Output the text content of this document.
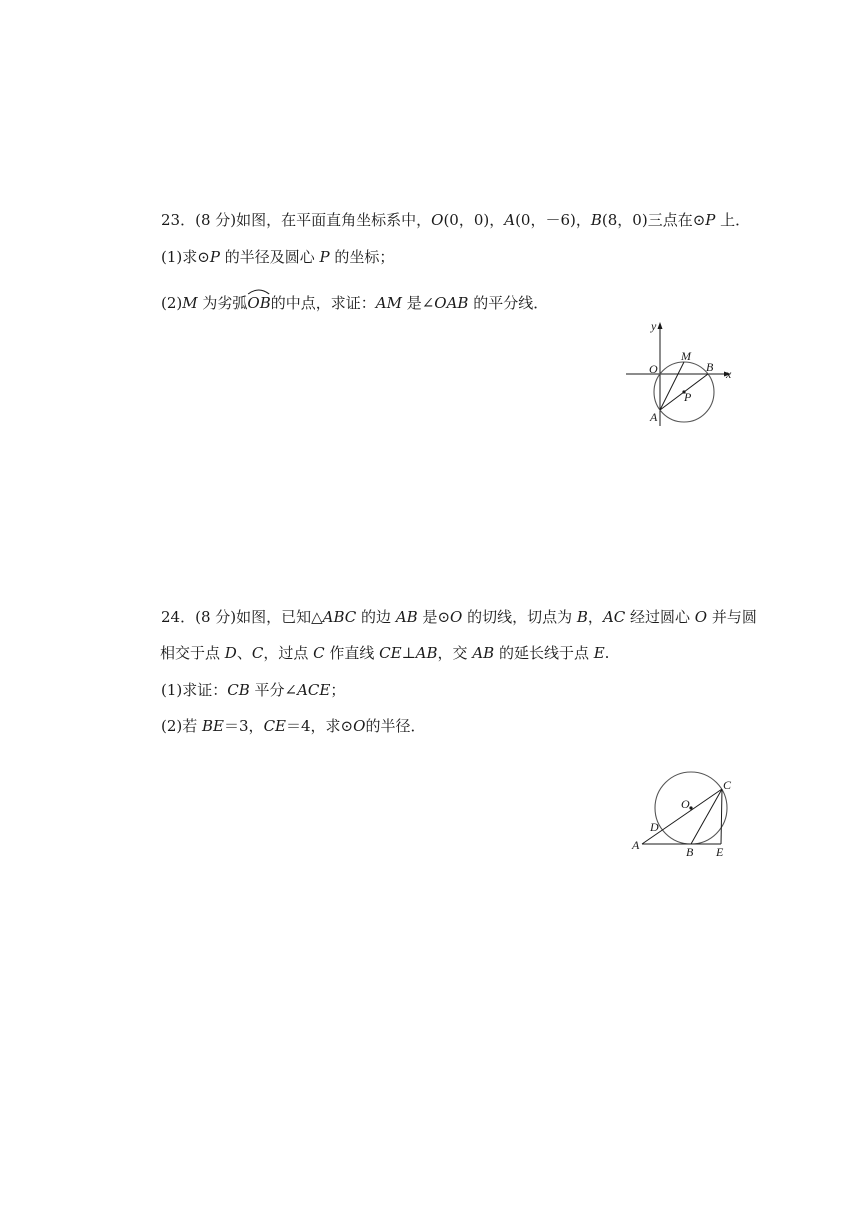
23．(8 分)如图，在平面直角坐标系中，O(0，0)，A(0，－6)，B(8，0)三点在⊙P 上．
(1)求⊙P 的半径及圆心 P 的坐标；
(2)M 为劣弧
OB的中点，求证：AM 是∠OAB 的平分线．
y
x
O
M
B
P
A
24．(8 分)如图，已知△ABC 的边 AB 是⊙O 的切线，切点为 B，AC 经过圆心 O 并与圆
相交于点 D、C，过点 C 作直线 CE⊥AB，交 AB 的延长线于点 E.
(1)求证：CB 平分∠ACE；
(2)若 BE＝3，CE＝4，求⊙O的半径．
C
O
D
A	B E
